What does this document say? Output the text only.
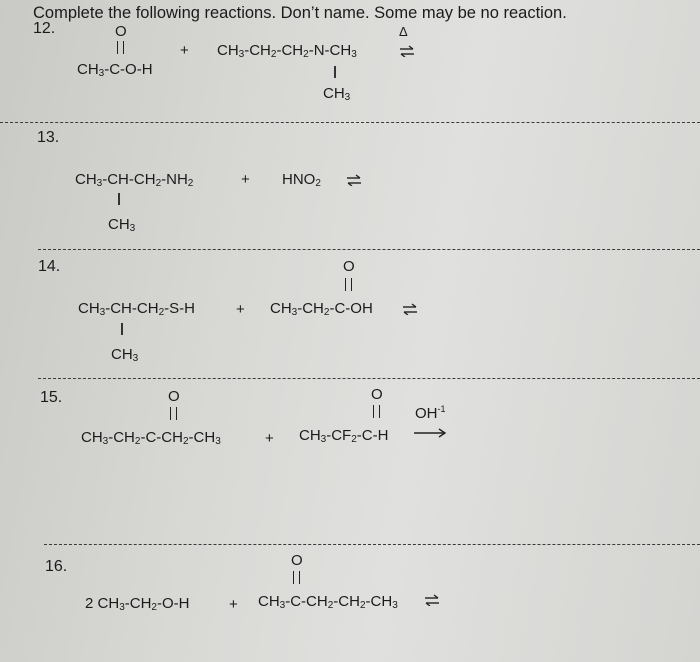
Complete the following reactions. Don’t name. Some may be no reaction.
12.	O
$CH_3-C-O-H$
+ $CH_3-CH_2-CH_2-N-CH_3$
$CH_3$
Δ
13.
$CH_3-CH-CH_2-NH_2$
$CH_3$
+ $HNO_2$
14.	O
$CH_3-CH-CH_2-S-H$
$CH_3$
+ $CH_3-CH_2-C-OH$
15.	O
$CH_3-CH_2-C-CH_2-CH_3$	+
O
$CH_3-CF_2-C-H$
$OH^{-1}$
16.	O
2 $CH_3-CH_2-O-H$	+ $CH_3-C-CH_2-CH_2-CH_3$
